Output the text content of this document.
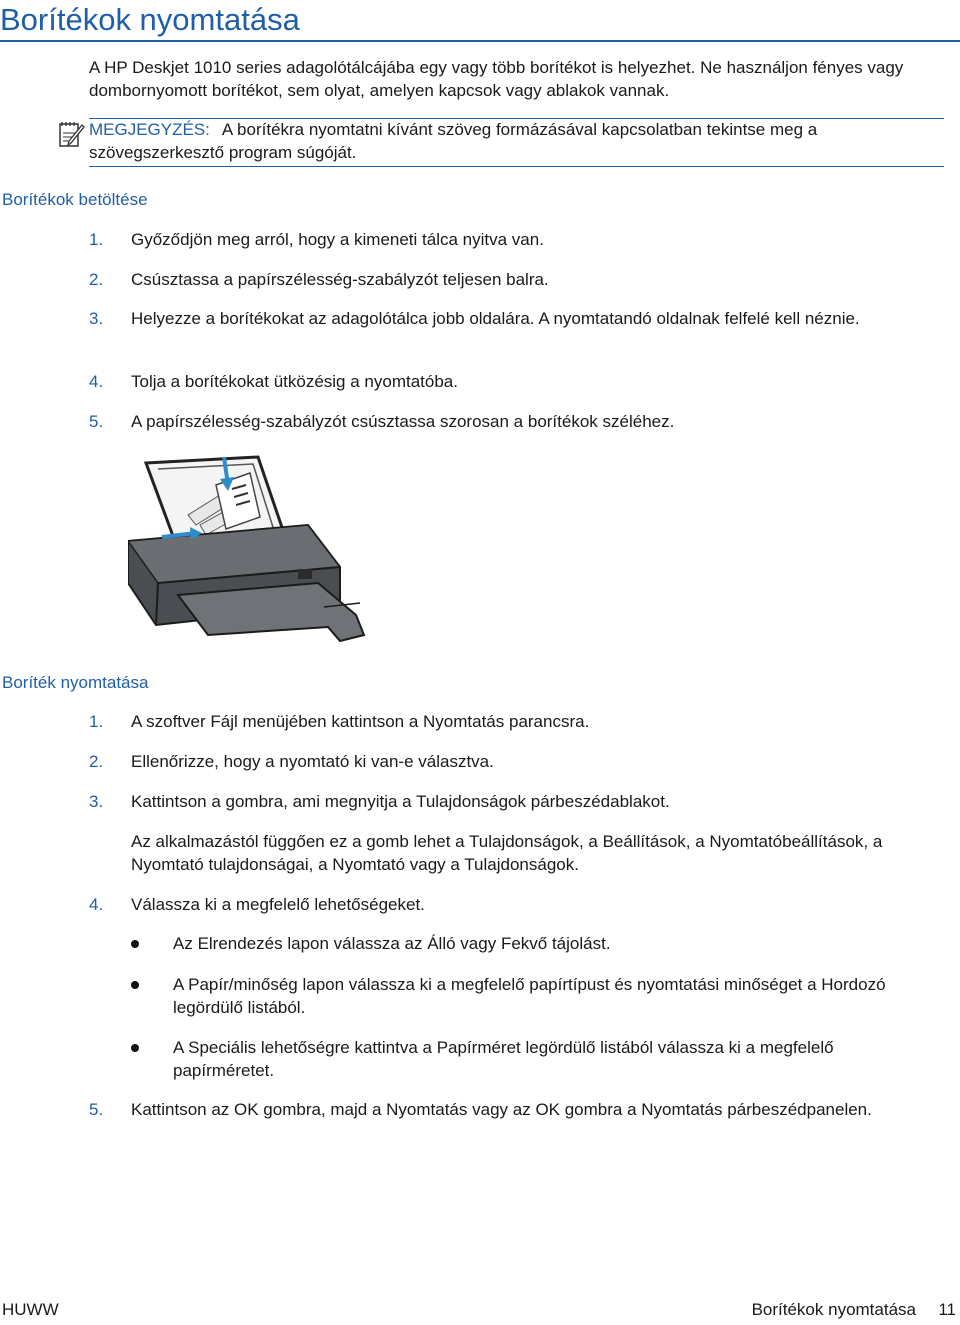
Borítékok nyomtatása
A HP Deskjet 1010 series adagolótálcájába egy vagy több borítékot is helyezhet. Ne használjon fényes vagy dombornyomott borítékot, sem olyat, amelyen kapcsok vagy ablakok vannak.
MEGJEGYZÉS: A borítékra nyomtatni kívánt szöveg formázásával kapcsolatban tekintse meg a szövegszerkesztő program súgóját.
Borítékok betöltése
1.	Győződjön meg arról, hogy a kimeneti tálca nyitva van.
2.	Csúsztassa a papírszélesség-szabályzót teljesen balra.
3.	Helyezze a borítékokat az adagolótálca jobb oldalára. A nyomtatandó oldalnak felfelé kell néznie.
4.	Tolja a borítékokat ütközésig a nyomtatóba.
5.	A papírszélesség-szabályzót csúsztassa szorosan a borítékok széléhez.
Boríték nyomtatása
1.	A szoftver Fájl menüjében kattintson a Nyomtatás parancsra.
2.	Ellenőrizze, hogy a nyomtató ki van-e választva.
3.	Kattintson a gombra, ami megnyitja a Tulajdonságok párbeszédablakot.
Az alkalmazástól függően ez a gomb lehet a Tulajdonságok, a Beállítások, a Nyomtatóbeállítások, a Nyomtató tulajdonságai, a Nyomtató vagy a Tulajdonságok.
4.	Válassza ki a megfelelő lehetőségeket.
Az Elrendezés lapon válassza az Álló vagy Fekvő tájolást.
A Papír/minőség lapon válassza ki a megfelelő papírtípust és nyomtatási minőséget a Hordozó legördülő listából.
A Speciális lehetőségre kattintva a Papírméret legördülő listából válassza ki a megfelelő papírméretet.
5.	Kattintson az OK gombra, majd a Nyomtatás vagy az OK gombra a Nyomtatás párbeszédpanelen.
HUWW	Borítékok nyomtatása 11
